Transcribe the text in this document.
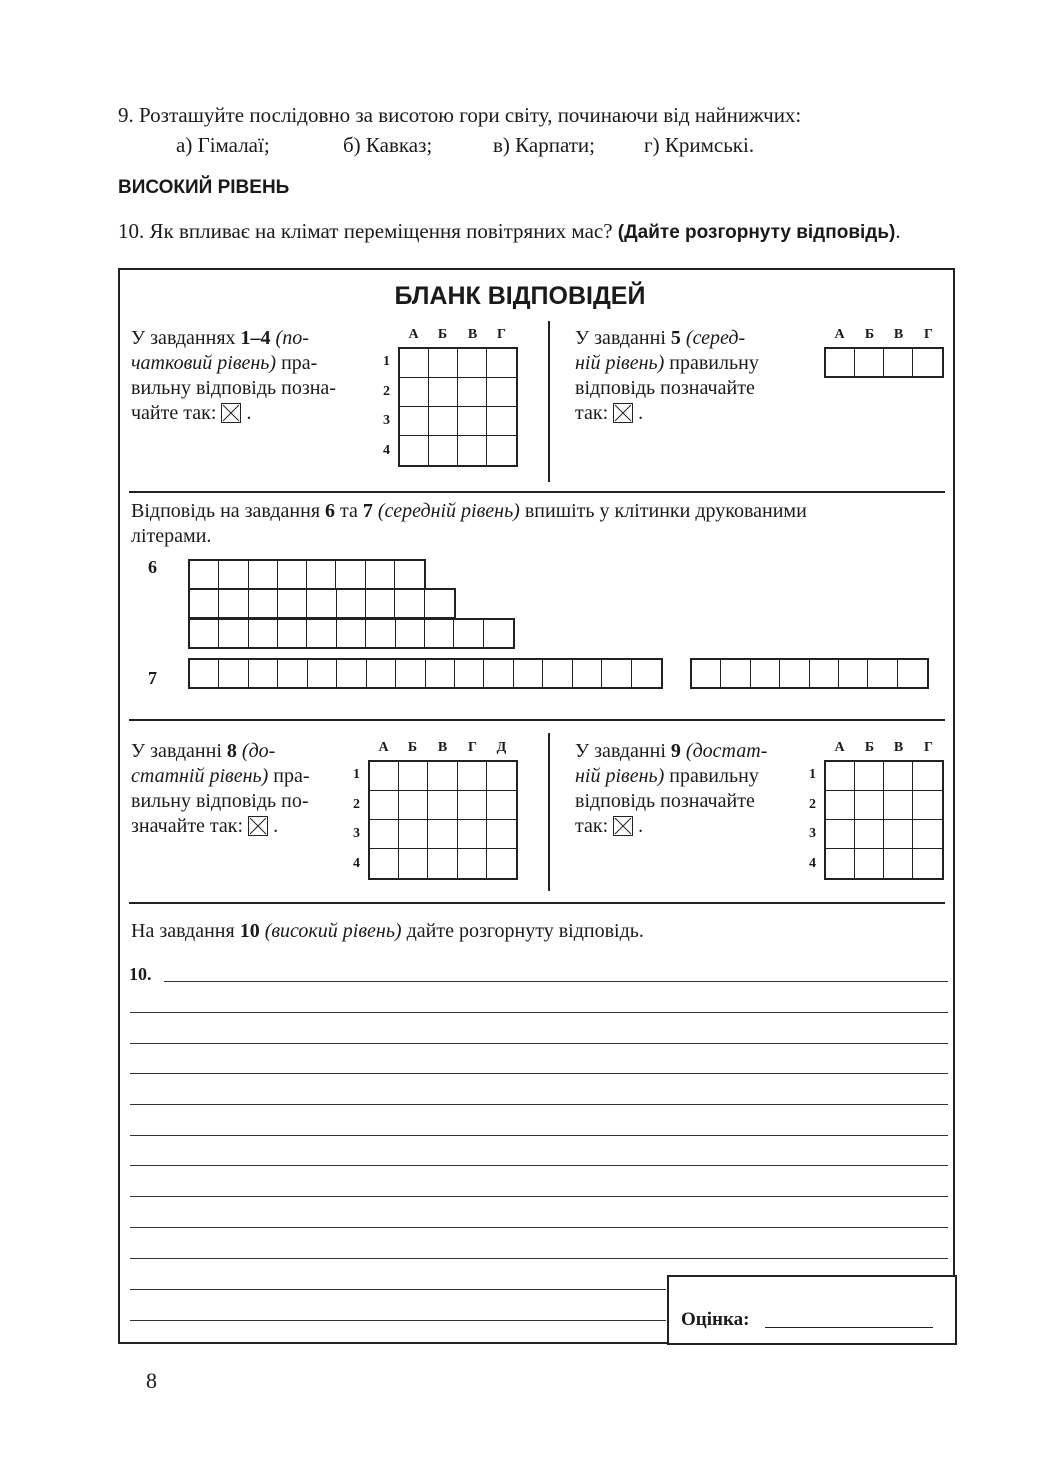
9. Розташуйте послідовно за висотою гори світу, починаючи від найнижчих:
а) Гімалаї;	б) Кавказ;	в) Карпати; г) Кримські.
ВИСОКИЙ РІВЕНЬ
10. Як впливає на клімат переміщення повітряних мас? (Дайте розгорнуту відповідь).
БЛАНК ВІДПОВІДЕЙ
У завданнях 1–4 (по-
чатковий рівень) пра-
вильну відповідь позна-
чайте так:
.
А	Б	В	Г
1
2
3
4
У завданні 5 (серед-
ній рівень) правильну
відповідь позначайте
так:
.
А	Б	В	Г
Відповідь на завдання 6 та 7 (середній рівень) впишіть у клітинки друкованими
літерами.
6
7
У завданні 8 (до-
статній рівень) пра-
вильну відповідь по-
значайте так:
.
А	Б	В	Г	Д
1
2
3
4
У завданні 9 (достат-
ній рівень) правильну
відповідь позначайте
так:
.
А	Б	В	Г
1
2
3
4
На завдання 10 (високий рівень) дайте розгорнуту відповідь.
10.
Оцінка:
8
